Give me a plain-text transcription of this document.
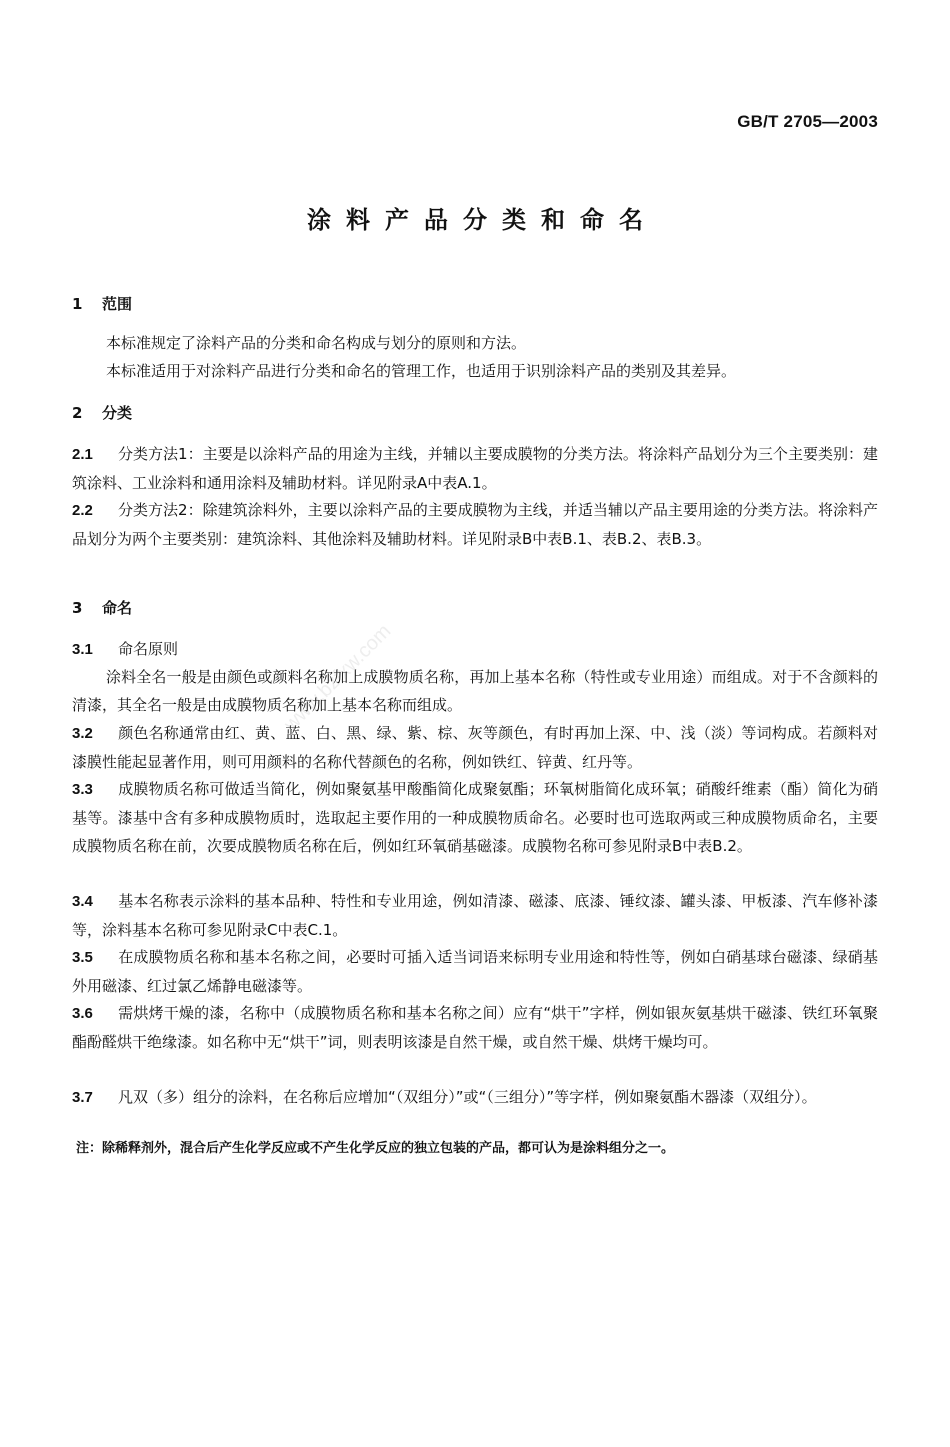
GB/T 2705—2003
涂料产品分类和命名
1 范围

本标准规定了涂料产品的分类和命名构成与划分的原则和方法。

本标准适用于对涂料产品进行分类和命名的管理工作，也适用于识别涂料产品的类别及其差异。

2 分类

2.1 分类方法1：主要是以涂料产品的用途为主线，并辅以主要成膜物的分类方法。将涂料产品划分为三个主要类别：建筑涂料、工业涂料和通用涂料及辅助材料。详见附录A中表A.1。

2.2 分类方法2：除建筑涂料外，主要以涂料产品的主要成膜物为主线，并适当辅以产品主要用途的分类方法。将涂料产品划分为两个主要类别：建筑涂料、其他涂料及辅助材料。详见附录B中表B.1、表B.2、表B.3。

3 命名

3.1 命名原则

涂料全名一般是由颜色或颜料名称加上成膜物质名称，再加上基本名称（特性或专业用途）而组成。对于不含颜料的清漆，其全名一般是由成膜物质名称加上基本名称而组成。

3.2 颜色名称通常由红、黄、蓝、白、黑、绿、紫、棕、灰等颜色，有时再加上深、中、浅（淡）等词构成。若颜料对漆膜性能起显著作用，则可用颜料的名称代替颜色的名称，例如铁红、锌黄、红丹等。

3.3 成膜物质名称可做适当简化，例如聚氨基甲酸酯简化成聚氨酯；环氧树脂简化成环氧；硝酸纤维素（酯）简化为硝基等。漆基中含有多种成膜物质时，选取起主要作用的一种成膜物质命名。必要时也可选取两或三种成膜物质命名，主要成膜物质名称在前，次要成膜物质名称在后，例如红环氧硝基磁漆。成膜物名称可参见附录B中表B.2。

3.4 基本名称表示涂料的基本品种、特性和专业用途，例如清漆、磁漆、底漆、锤纹漆、罐头漆、甲板漆、汽车修补漆等，涂料基本名称可参见附录C中表C.1。

3.5 在成膜物质名称和基本名称之间，必要时可插入适当词语来标明专业用途和特性等，例如白硝基球台磁漆、绿硝基外用磁漆、红过氯乙烯静电磁漆等。

3.6 需烘烤干燥的漆，名称中（成膜物质名称和基本名称之间）应有“烘干”字样，例如银灰氨基烘干磁漆、铁红环氧聚酯酚醛烘干绝缘漆。如名称中无“烘干”词，则表明该漆是自然干燥，或自然干燥、烘烤干燥均可。

3.7 凡双（多）组分的涂料，在名称后应增加“（双组分）”或“（三组分）”等字样，例如聚氨酯木器漆（双组分）。

注：除稀释剂外，混合后产生化学反应或不产生化学反应的独立包装的产品，都可认为是涂料组分之一。
www.bzfxw.com
